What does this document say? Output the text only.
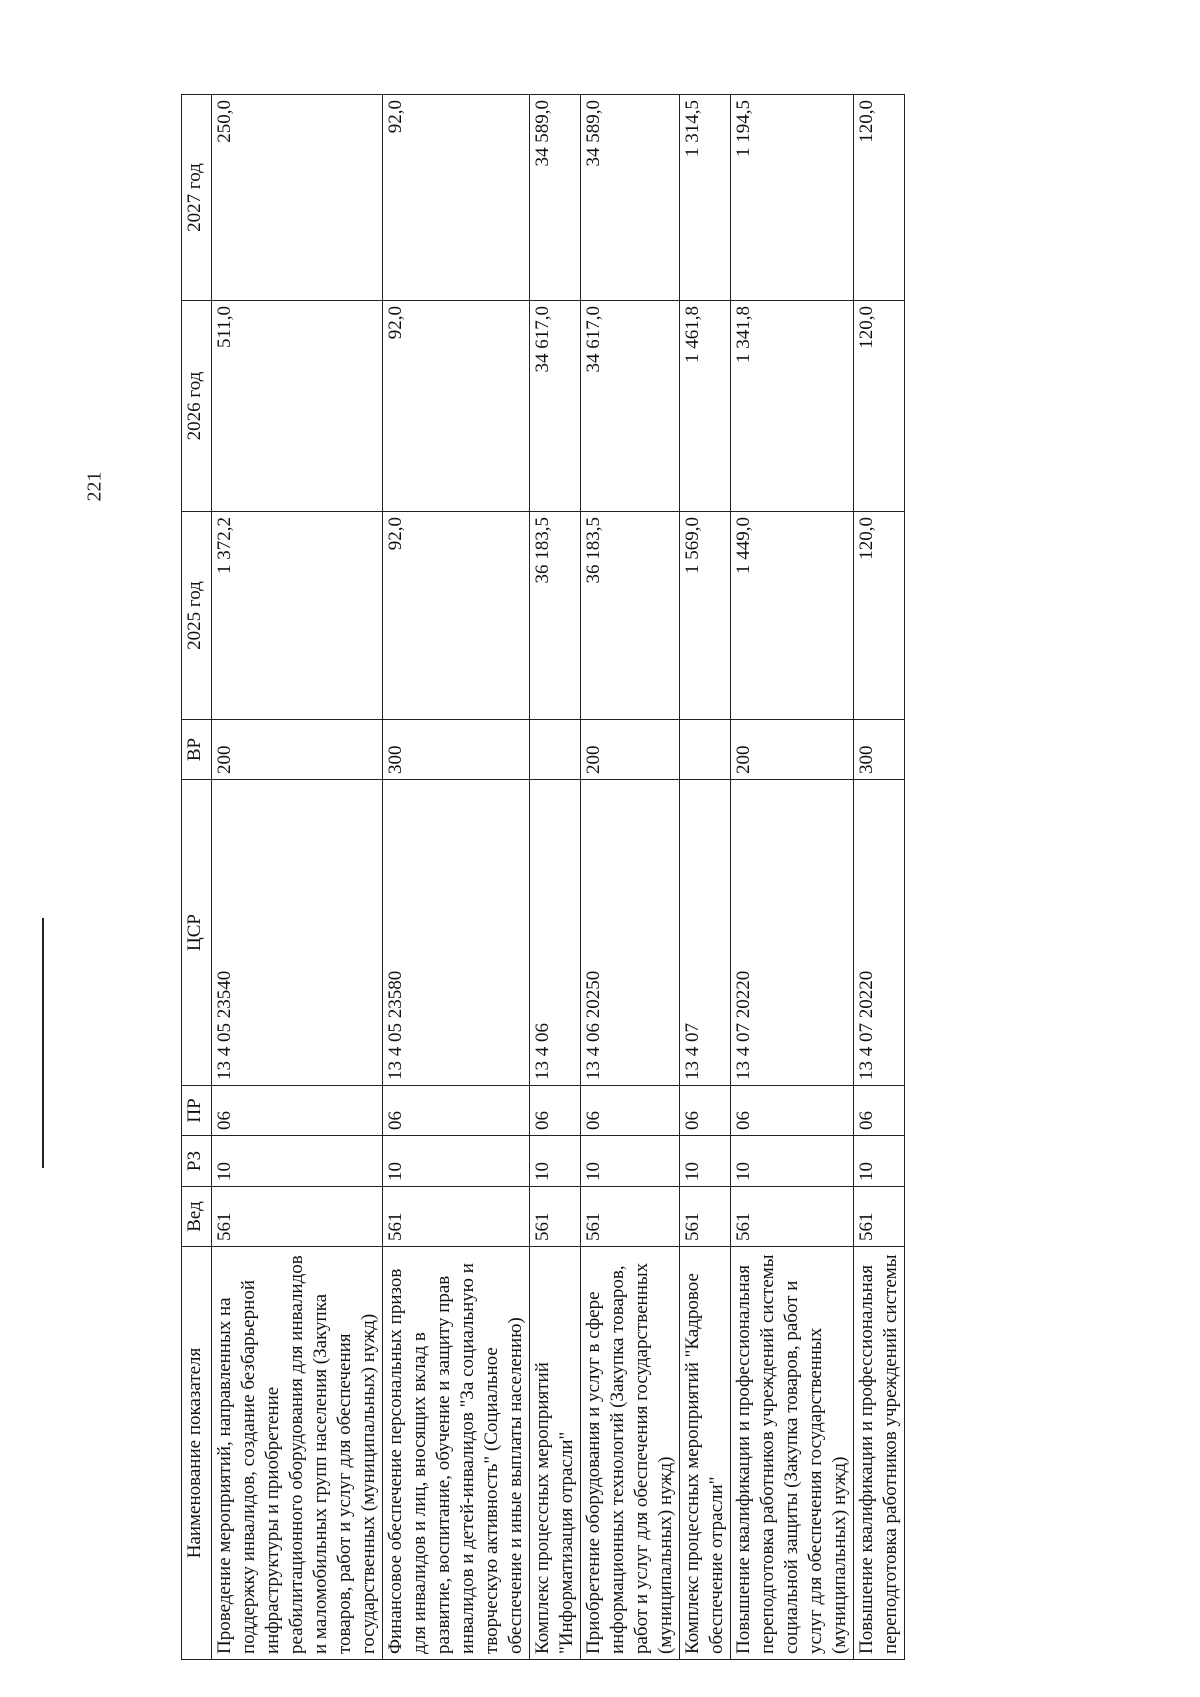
221
Наименование показателя	Вед	РЗ	ПР	ЦСР	ВР	2025 год	2026 год	2027 год
Проведение мероприятий, направленных на поддержку инвалидов, создание безбарьерной инфраструктуры и приобретение реабилитационного оборудования для инвалидов и маломобильных групп населения (Закупка товаров, работ и услуг для обеспечения государственных (муниципальных) нужд)	561	10	06	13 4 05 23540	200	1 372,2	511,0	250,0
Финансовое обеспечение персональных призов для инвалидов и лиц, вносящих вклад в развитие, воспитание, обучение и защиту прав инвалидов и детей-инвалидов "За социальную и творческую активность" (Социальное обеспечение и иные выплаты населению)	561	10	06	13 4 05 23580	300	92,0	92,0	92,0
Комплекс процессных мероприятий "Информатизация отрасли"	561	10	06	13 4 06		36 183,5	34 617,0	34 589,0
Приобретение оборудования и услуг в сфере информационных технологий (Закупка товаров, работ и услуг для обеспечения государственных (муниципальных) нужд)	561	10	06	13 4 06 20250	200	36 183,5	34 617,0	34 589,0
Комплекс процессных мероприятий "Кадровое обеспечение отрасли"	561	10	06	13 4 07		1 569,0	1 461,8	1 314,5
Повышение квалификации и профессиональная переподготовка работников учреждений системы социальной защиты (Закупка товаров, работ и услуг для обеспечения государственных (муниципальных) нужд)	561	10	06	13 4 07 20220	200	1 449,0	1 341,8	1 194,5
Повышение квалификации и профессиональная переподготовка работников учреждений системы	561	10	06	13 4 07 20220	300	120,0	120,0	120,0
